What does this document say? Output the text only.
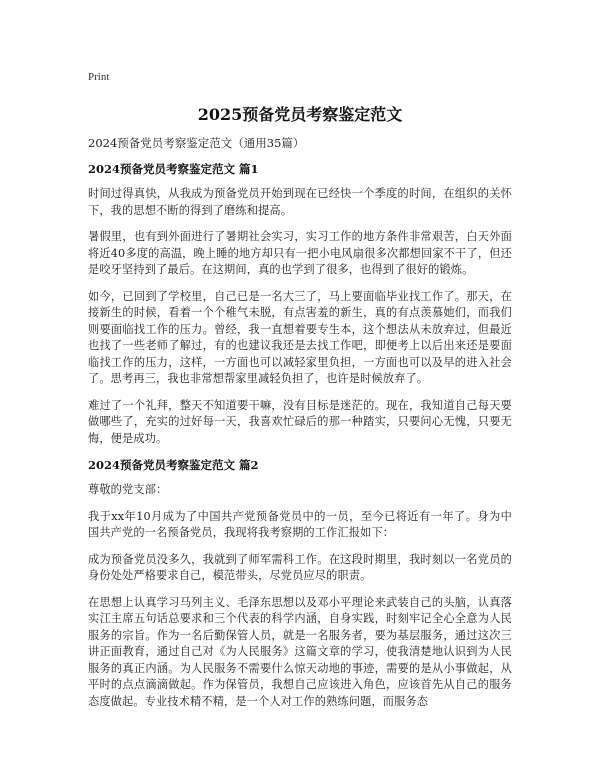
Print
2025预备党员考察鉴定范文

2024预备党员考察鉴定范文（通用35篇）

2024预备党员考察鉴定范文 篇1

时间过得真快，从我成为预备党员开始到现在已经快一个季度的时间，在组织的关怀下，我的思想不断的得到了磨练和提高。

暑假里，也有到外面进行了暑期社会实习，实习工作的地方条件非常艰苦，白天外面将近40多度的高温，晚上睡的地方却只有一把小电风扇很多次都想回家不干了，但还是咬牙坚持到了最后。在这期间，真的也学到了很多，也得到了很好的锻炼。

如今，已回到了学校里，自己已是一名大三了，马上要面临毕业找工作了。那天，在接新生的时候，看着一个个稚气未脱，有点害羞的新生，真的有点羡慕她们，而我们则要面临找工作的压力。曾经，我一直想着要专生本，这个想法从未放弃过，但最近也找了一些老师了解过，有的也建议我还是去找工作吧，即便考上以后出来还是要面临找工作的压力，这样，一方面也可以减轻家里负担，一方面也可以及早的进入社会了。思考再三，我也非常想帮家里减轻负担了，也许是时候放弃了。

难过了一个礼拜，整天不知道要干嘛，没有目标是迷茫的。现在，我知道自己每天要做哪些了，充实的过好每一天，我喜欢忙碌后的那一种踏实，只要问心无愧，只要无悔，便是成功。

2024预备党员考察鉴定范文 篇2

尊敬的党支部：

我于xx年10月成为了中国共产党预备党员中的一员，至今已将近有一年了。身为中国共产党的一名预备党员，我现将我考察期的工作汇报如下：

成为预备党员没多久，我就到了师军需科工作。在这段时期里，我时刻以一名党员的身份处处严格要求自己，模范带头，尽党员应尽的职责。

在思想上认真学习马列主义、毛泽东思想以及邓小平理论来武装自己的头脑，认真落实江主席五句话总要求和三个代表的科学内涵，自身实践，时刻牢记全心全意为人民服务的宗旨。作为一名后勤保管人员，就是一名服务者，要为基层服务，通过这次三讲正面教育，通过自己对《为人民服务》这篇文章的学习，使我清楚地认识到为人民服务的真正内涵。为人民服务不需要什么惊天动地的事迹，需要的是从小事做起，从平时的点点滴滴做起。作为保管员，我想自己应该进入角色，应该首先从自己的服务态度做起。专业技术精不精，是一个人对工作的熟练问题，而服务态
